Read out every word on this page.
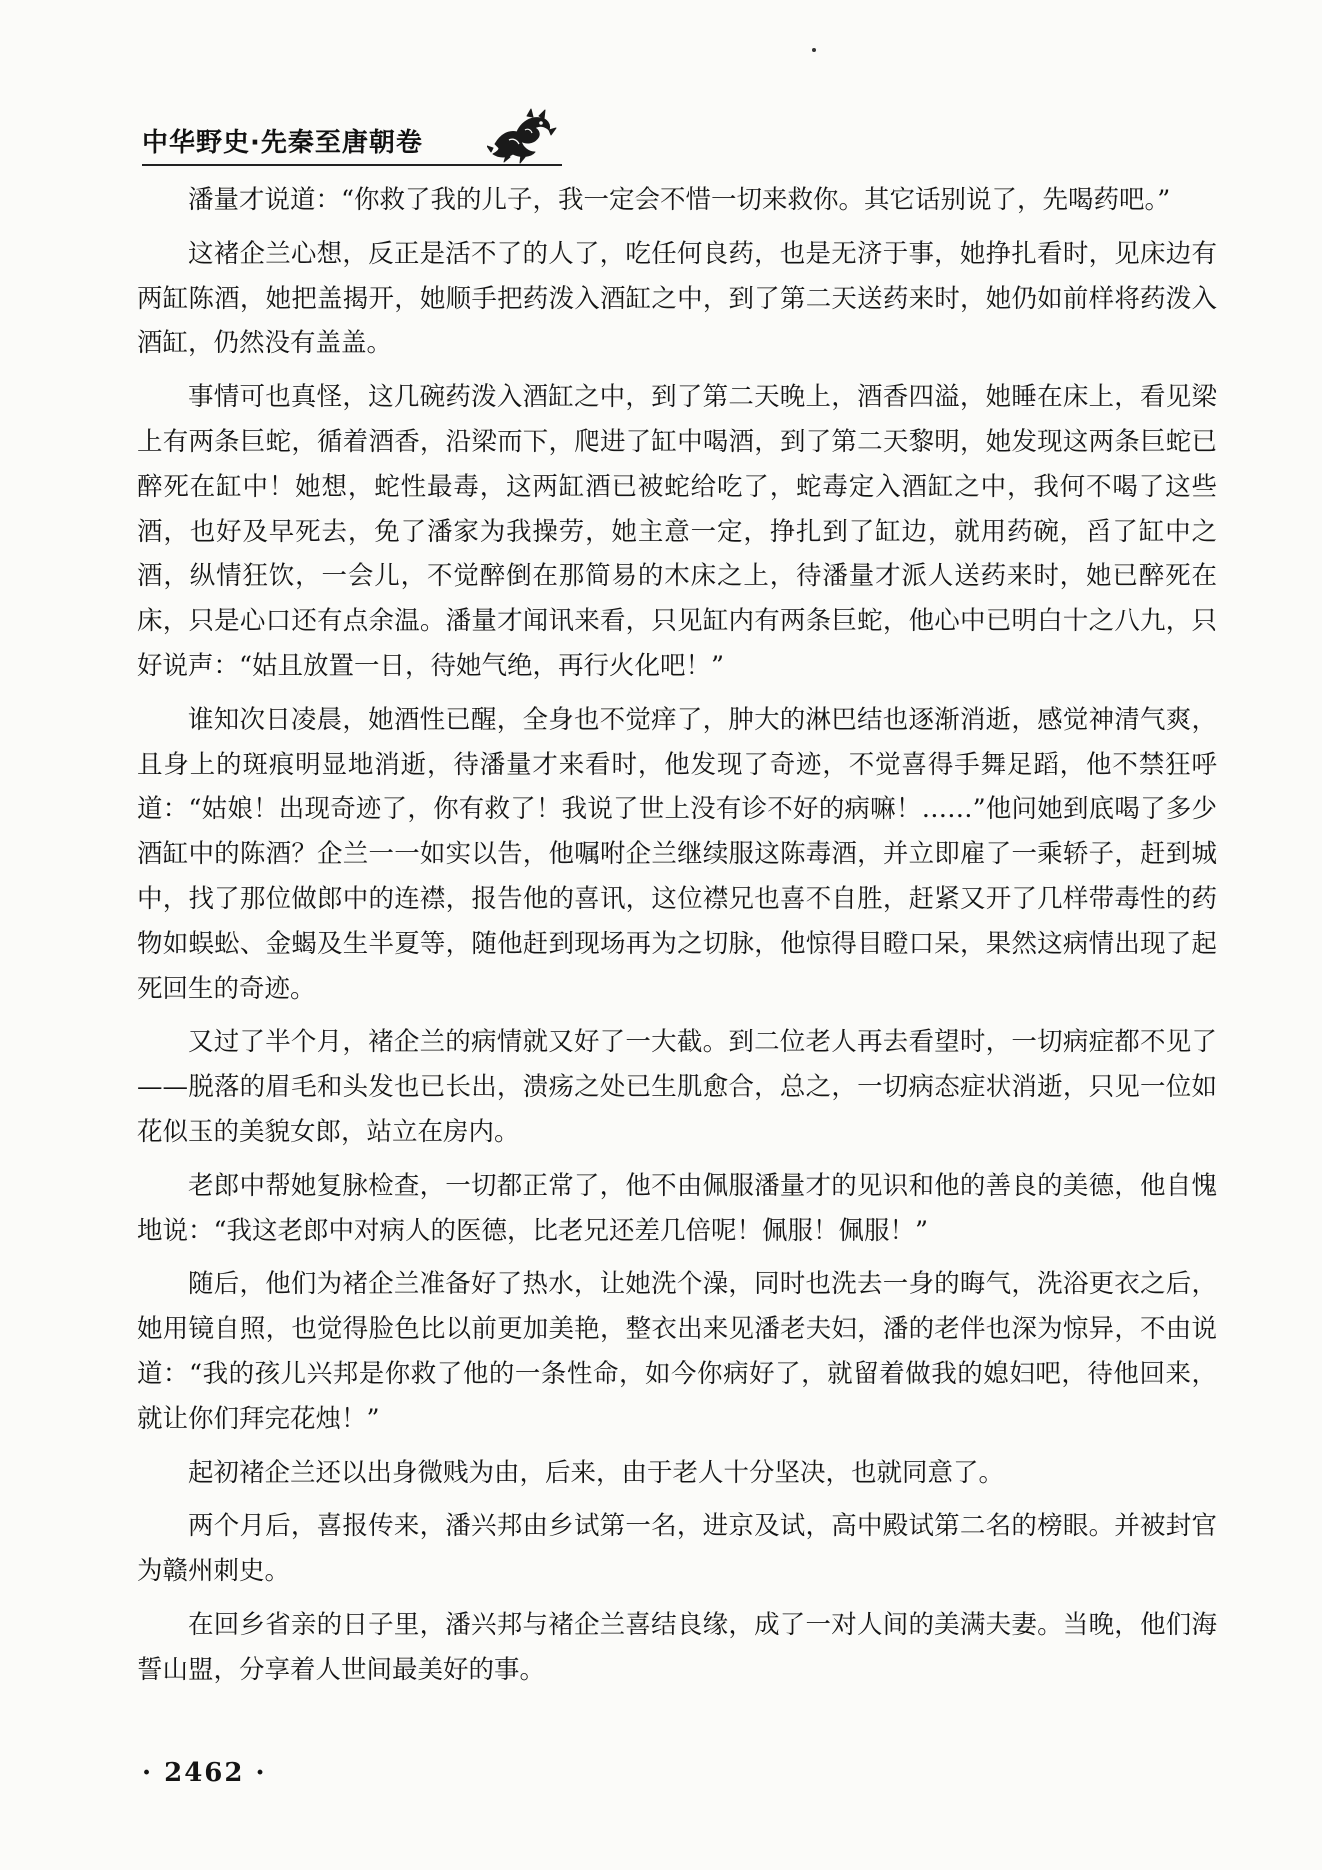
中华野史·先秦至唐朝卷

潘量才说道：“你救了我的儿子，我一定会不惜一切来救你。其它话别说了，先喝药吧。”

这褚企兰心想，反正是活不了的人了，吃任何良药，也是无济于事，她挣扎看时，见床边有两缸陈酒，她把盖揭开，她顺手把药泼入酒缸之中，到了第二天送药来时，她仍如前样将药泼入酒缸，仍然没有盖盖。

事情可也真怪，这几碗药泼入酒缸之中，到了第二天晚上，酒香四溢，她睡在床上，看见梁上有两条巨蛇，循着酒香，沿梁而下，爬进了缸中喝酒，到了第二天黎明，她发现这两条巨蛇已醉死在缸中！她想，蛇性最毒，这两缸酒已被蛇给吃了，蛇毒定入酒缸之中，我何不喝了这些酒，也好及早死去，免了潘家为我操劳，她主意一定，挣扎到了缸边，就用药碗，舀了缸中之酒，纵情狂饮，一会儿，不觉醉倒在那简易的木床之上，待潘量才派人送药来时，她已醉死在床，只是心口还有点余温。潘量才闻讯来看，只见缸内有两条巨蛇，他心中已明白十之八九，只好说声：“姑且放置一日，待她气绝，再行火化吧！”

谁知次日凌晨，她酒性已醒，全身也不觉痒了，肿大的淋巴结也逐渐消逝，感觉神清气爽，且身上的斑痕明显地消逝，待潘量才来看时，他发现了奇迹，不觉喜得手舞足蹈，他不禁狂呼道：“姑娘！出现奇迹了，你有救了！我说了世上没有诊不好的病嘛！……”他问她到底喝了多少酒缸中的陈酒？企兰一一如实以告，他嘱咐企兰继续服这陈毒酒，并立即雇了一乘轿子，赶到城中，找了那位做郎中的连襟，报告他的喜讯，这位襟兄也喜不自胜，赶紧又开了几样带毒性的药物如蜈蚣、金蝎及生半夏等，随他赶到现场再为之切脉，他惊得目瞪口呆，果然这病情出现了起死回生的奇迹。

又过了半个月，褚企兰的病情就又好了一大截。到二位老人再去看望时，一切病症都不见了——脱落的眉毛和头发也已长出，溃疡之处已生肌愈合，总之，一切病态症状消逝，只见一位如花似玉的美貌女郎，站立在房内。

老郎中帮她复脉检查，一切都正常了，他不由佩服潘量才的见识和他的善良的美德，他自愧地说：“我这老郎中对病人的医德，比老兄还差几倍呢！佩服！佩服！”

随后，他们为褚企兰准备好了热水，让她洗个澡，同时也洗去一身的晦气，洗浴更衣之后，她用镜自照，也觉得脸色比以前更加美艳，整衣出来见潘老夫妇，潘的老伴也深为惊异，不由说道：“我的孩儿兴邦是你救了他的一条性命，如今你病好了，就留着做我的媳妇吧，待他回来，就让你们拜完花烛！”

起初褚企兰还以出身微贱为由，后来，由于老人十分坚决，也就同意了。

两个月后，喜报传来，潘兴邦由乡试第一名，进京及试，高中殿试第二名的榜眼。并被封官为赣州刺史。

在回乡省亲的日子里，潘兴邦与褚企兰喜结良缘，成了一对人间的美满夫妻。当晚，他们海誓山盟，分享着人世间最美好的事。

· 2462 ·
